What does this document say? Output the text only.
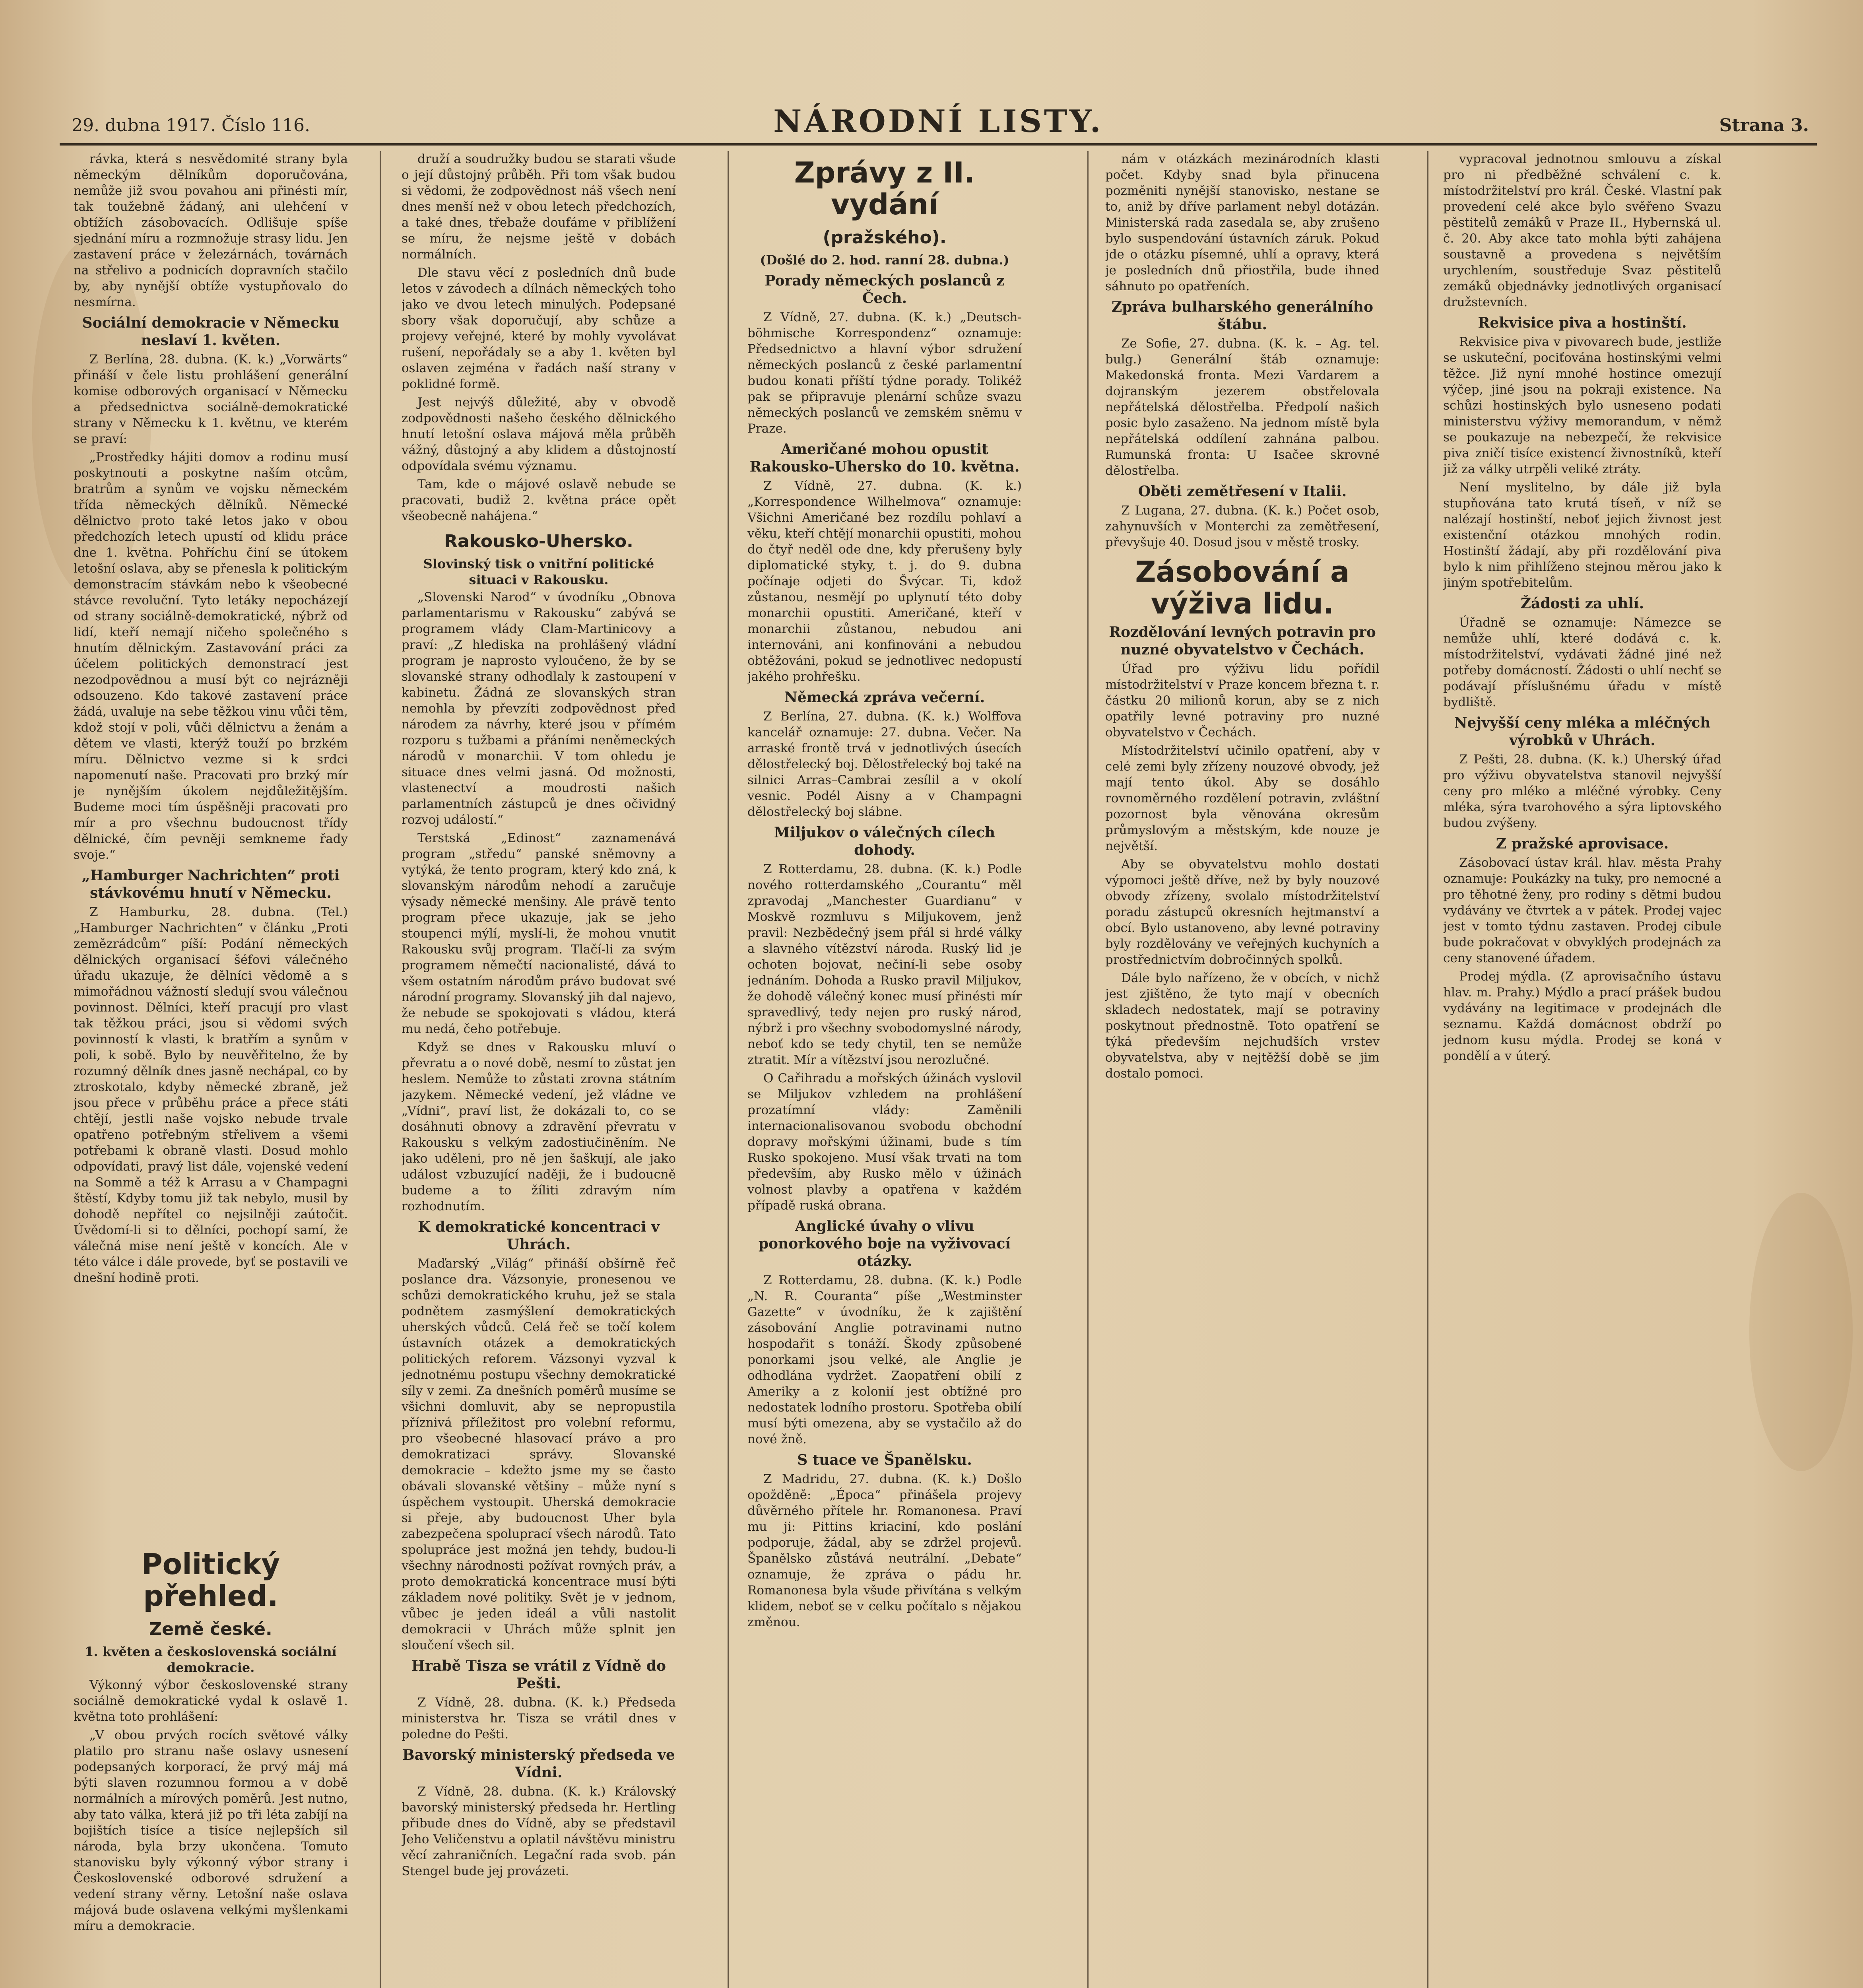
29. dubna 1917. Číslo 116.	NÁRODNÍ LISTY.	Strana 3.

rávka, která s nesvědomité strany byla německým dělníkům doporučována, nemůže již svou povahou ani přinésti mír, tak toužebně žádaný, ani ulehčení v obtížích zásobovacích. Odlišuje spíše sjednání míru a rozmnožuje strasy lidu. Jen zastavení práce v železárnách, továrnách na střelivo a podnicích dopravních stačilo by, aby nynější obtíže vystupňovalo do nesmírna.

Sociální demokracie v Německu neslaví 1. květen.

Z Berlína, 28. dubna. (K. k.) „Vorwärts“ přináší v čele listu prohlášení generální komise odborových organisací v Německu a předsednictva sociálně-demokratické strany v Německu k 1. květnu, ve kterém se praví:

„Prostředky hájiti domov a rodinu musí poskytnouti a poskytne naším otcům, bratrům a synům ve vojsku německém třída německých dělníků. Německé dělnictvo proto také letos jako v obou předchozích letech upustí od klidu práce dne 1. května. Pohříchu činí se útokem letošní oslava, aby se přenesla k politickým demonstracím stávkám nebo k všeobecné stávce revoluční. Tyto letáky nepocházejí od strany sociálně-demokratické, nýbrž od lidí, kteří nemají ničeho společného s hnutím dělnickým. Zastavování práci za účelem politických demonstrací jest nezodpovědnou a musí být co nejrázněji odsouzeno. Kdo takové zastavení práce žádá, uvaluje na sebe těžkou vinu vůči těm, kdož stojí v poli, vůči dělnictvu a ženám a dětem ve vlasti, kterýž touží po brzkém míru. Dělnictvo vezme si k srdci napomenutí naše. Pracovati pro brzký mír je nynějším úkolem nejdůležitějším. Budeme moci tím úspěšněji pracovati pro mír a pro všechnu budoucnost třídy dělnické, čím pevněji semkneme řady svoje.“

„Hamburger Nachrichten“ proti stávkovému hnutí v Německu.

Z Hamburku, 28. dubna. (Tel.) „Hamburger Nachrichten“ v článku „Proti zemězrádcům“ píší: Podání německých dělnických organisací šéfovi válečného úřadu ukazuje, že dělníci vědomě a s mimořádnou vážností sledují svou válečnou povinnost. Dělníci, kteří pracují pro vlast tak těžkou práci, jsou si vědomi svých povinností k vlasti, k bratřím a synům v poli, k sobě. Bylo by neuvěřitelno, že by rozumný dělník dnes jasně nechápal, co by ztroskotalo, kdyby německé zbraně, jež jsou přece v průběhu práce a přece státi chtějí, jestli naše vojsko nebude trvale opatřeno potřebným střelivem a všemi potřebami k obraně vlasti. Dosud mohlo odpovídati, pravý list dále, vojenské vedení na Sommě a též k Arrasu a v Champagni štěstí, Kdyby tomu již tak nebylo, musil by dohodě nepřítel co nejsilněji zaútočit. Úvědomí-li si to dělníci, pochopí samí, že válečná mise není ještě v koncích. Ale v této válce i dále provede, byť se postavili ve dnešní hodině proti.

Politický přehled.
Země české.
1. květen a československá sociální demokracie.

Výkonný výbor československé strany sociálně demokratické vydal k oslavě 1. května toto prohlášení:

„V obou prvých rocích světové války platilo pro stranu naše oslavy usnesení podepsaných korporací, že prvý máj má býti slaven rozumnou formou a v době normálních a mírových poměrů. Jest nutno, aby tato válka, která již po tři léta zabíjí na bojištích tisíce a tisíce nejlepších sil národa, byla brzy ukončena. Tomuto stanovisku byly výkonný výbor strany i Československé odborové sdružení a vedení strany věrny. Letošní naše oslava májová bude oslavena velkými myšlenkami míru a demokracie.

druží a soudružky budou se starati všude o její důstojný průběh. Při tom však budou si vědomi, že zodpovědnost náš všech není dnes menší než v obou letech předchozích, a také dnes, třebaže doufáme v přiblížení se míru, že nejsme ještě v dobách normálních.

Dle stavu věcí z posledních dnů bude letos v závodech a dílnách německých toho jako ve dvou letech minulých. Podepsané sbory však doporučují, aby schůze a projevy veřejné, které by mohly vyvolávat rušení, nepořádaly se a aby 1. květen byl oslaven zejména v řadách naší strany v poklidné formě.

Jest nejvýš důležité, aby v obvodě zodpovědnosti našeho českého dělnického hnutí letošní oslava májová měla průběh vážný, důstojný a aby klidem a důstojností odpovídala svému významu.

Tam, kde o májové oslavě nebude se pracovati, budiž 2. května práce opět všeobecně nahájena.“

Rakousko-Uhersko.
Slovinský tisk o vnitřní politické situaci v Rakousku.

„Slovenski Narod“ v úvodníku „Obnova parlamentarismu v Rakousku“ zabývá se programem vlády Clam-Martinicovy a praví: „Z hlediska na prohlášený vládní program je naprosto vyloučeno, že by se slovanské strany odhodlaly k zastoupení v kabinetu. Žádná ze slovanských stran nemohla by převzíti zodpovědnost před národem za návrhy, které jsou v přímém rozporu s tužbami a přáními neněmeckých národů v monarchii. V tom ohledu je situace dnes velmi jasná. Od možnosti, vlastenectví a moudrosti našich parlamentních zástupců je dnes očividný rozvoj událostí.“

Terstská „Edinost“ zaznamenává program „středu“ panské sněmovny a vytýká, že tento program, který kdo zná, k slovanským národům nehodí a zaručuje výsady německé menšiny. Ale právě tento program přece ukazuje, jak se jeho stoupenci mýlí, myslí-li, že mohou vnutit Rakousku svůj program. Tlačí-li za svým programem němečtí nacionalisté, dává to všem ostatním národům právo budovat své národní programy. Slovanský jih dal najevo, že nebude se spokojovati s vládou, která mu nedá, čeho potřebuje.

Když se dnes v Rakousku mluví o převratu a o nové době, nesmí to zůstat jen heslem. Nemůže to zůstati zrovna státním jazykem. Německé vedení, jež vládne ve „Vídni“, praví list, že dokázali to, co se dosáhnuti obnovy a zdravění převratu v Rakousku s velkým zadostiučiněním. Ne jako uděleni, pro ně jen šaškují, ale jako událost vzbuzující naději, že i budoucně budeme a to žíliti zdravým ním rozhodnutím.

K demokratické koncentraci v Uhrách.

Maďarský „Világ“ přináší obšírně řeč poslance dra. Vázsonyie, pronesenou ve schůzi demokratického kruhu, jež se stala podnětem zasmýšlení demokratických uherských vůdců. Celá řeč se točí kolem ústavních otázek a demokratických politických reforem. Vázsonyi vyzval k jednotnému postupu všechny demokratické síly v zemi. Za dnešních poměrů musíme se všichni domluvit, aby se nepropustila příznivá příležitost pro volební reformu, pro všeobecné hlasovací právo a pro demokratizaci správy. Slovanské demokracie – kdežto jsme my se často obávali slovanské většiny – může nyní s úspěchem vystoupit. Uherská demokracie si přeje, aby budoucnost Uher byla zabezpečena spoluprací všech národů. Tato spolupráce jest možná jen tehdy, budou-li všechny národnosti požívat rovných práv, a proto demokratická koncentrace musí býti základem nové politiky. Svět je v jednom, vůbec je jeden ideál a vůli nastolit demokracii v Uhrách může splnit jen sloučení všech sil.

Hrabě Tisza se vrátil z Vídně do Pešti.

Z Vídně, 28. dubna. (K. k.) Předseda ministerstva hr. Tisza se vrátil dnes v poledne do Pešti.

Bavorský ministerský předseda ve Vídni.

Z Vídně, 28. dubna. (K. k.) Královský bavorský ministerský předseda hr. Hertling přibude dnes do Vídně, aby se představil Jeho Veličenstvu a oplatil návštěvu ministru věcí zahraničních. Legační rada svob. pán Stengel bude jej provázeti.

Zprávy z II. vydání
(pražského).
(Došlé do 2. hod. ranní 28. dubna.)
Porady německých poslanců z Čech.

Z Vídně, 27. dubna. (K. k.) „Deutsch-böhmische Korrespondenz“ oznamuje: Předsednictvo a hlavní výbor sdružení německých poslanců z české parlamentní budou konati příští týdne porady. Tolikéž pak se připravuje plenární schůze svazu německých poslanců ve zemském sněmu v Praze.

Američané mohou opustit Rakousko-Uhersko do 10. května.

Z Vídně, 27. dubna. (K. k.) „Korrespondence Wilhelmova“ oznamuje: Všichni Američané bez rozdílu pohlaví a věku, kteří chtějí monarchii opustiti, mohou do čtyř neděl ode dne, kdy přerušeny byly diplomatické styky, t. j. do 9. dubna počínaje odjeti do Švýcar. Ti, kdož zůstanou, nesmějí po uplynutí této doby monarchii opustiti. Američané, kteří v monarchii zůstanou, nebudou ani internováni, ani konfinováni a nebudou obtěžováni, pokud se jednotlivec nedopustí jakého prohřešku.

Německá zpráva večerní.

Z Berlína, 27. dubna. (K. k.) Wolffova kancelář oznamuje: 27. dubna. Večer. Na arraské frontě trvá v jednotlivých úsecích dělostřelecký boj. Dělostřelecký boj také na silnici Arras–Cambrai zesílil a v okolí vesnic. Podél Aisny a v Champagni dělostřelecký boj slábne.

Miljukov o válečných cílech dohody.

Z Rotterdamu, 28. dubna. (K. k.) Podle nového rotterdamského „Courantu“ měl zpravodaj „Manchester Guardianu“ v Moskvě rozmluvu s Miljukovem, jenž pravil: Nezbědečný jsem přál si hrdé války a slavného vítězství národa. Ruský lid je ochoten bojovat, nečiní-li sebe osoby jednáním. Dohoda a Rusko pravil Miljukov, že dohodě válečný konec musí přinésti mír spravedlivý, tedy nejen pro ruský národ, nýbrž i pro všechny svobodomyslné národy, neboť kdo se tedy chytil, ten se nemůže ztratit. Mír a vítězství jsou nerozlučné.

O Cařihradu a mořských úžinách vyslovil se Miljukov vzhledem na prohlášení prozatímní vlády: Zaměnili internacionalisovanou svobodu obchodní dopravy mořskými úžinami, bude s tím Rusko spokojeno. Musí však trvati na tom především, aby Rusko mělo v úžinách volnost plavby a opatřena v každém případě ruská obrana.

Anglické úvahy o vlivu ponorkového boje na vyživovací otázky.

Z Rotterdamu, 28. dubna. (K. k.) Podle „N. R. Couranta“ píše „Westminster Gazette“ v úvodníku, že k zajištění zásobování Anglie potravinami nutno hospodařit s tonáží. Škody způsobené ponorkami jsou velké, ale Anglie je odhodlána vydržet. Zaopatření obilí z Ameriky a z kolonií jest obtížné pro nedostatek lodního prostoru. Spotřeba obilí musí býti omezena, aby se vystačilo až do nové žně.

S tuace ve Španělsku.

Z Madridu, 27. dubna. (K. k.) Došlo opožděně: „Época“ přinášela projevy důvěrného přítele hr. Romanonesa. Praví mu ji: Pittins kriaciní, kdo poslání podporuje, žádal, aby se zdržel projevů. Španělsko zůstává neutrální. „Debate“ oznamuje, že zpráva o pádu hr. Romanonesa byla všude přivítána s velkým klidem, neboť se v celku počítalo s nějakou změnou.

nám v otázkách mezinárodních klasti počet. Kdyby snad byla přinucena pozměniti nynější stanovisko, nestane se to, aniž by dříve parlament nebyl dotázán. Ministerská rada zasedala se, aby zrušeno bylo suspendování ústavních záruk. Pokud jde o otázku písemné, uhlí a opravy, která je posledních dnů přiostřila, bude ihned sáhnuto po opatřeních.

Zpráva bulharského generálního štábu.

Ze Sofie, 27. dubna. (K. k. – Ag. tel. bulg.) Generální štáb oznamuje: Makedonská fronta. Mezi Vardarem a dojranským jezerem obstřelovala nepřátelská dělostřelba. Předpolí našich posic bylo zasaženo. Na jednom místě byla nepřátelská oddílení zahnána palbou. Rumunská fronta: U Isačee skrovné dělostřelba.

Oběti zemětřesení v Italii.

Z Lugana, 27. dubna. (K. k.) Počet osob, zahynuvších v Monterchi za zemětřesení, převyšuje 40. Dosud jsou v městě trosky.

Zásobování a výživa lidu.
Rozdělování levných potravin pro nuzné obyvatelstvo v Čechách.

Úřad pro výživu lidu pořídil místodržitelství v Praze koncem března t. r. částku 20 milionů korun, aby se z nich opatřily levné potraviny pro nuzné obyvatelstvo v Čechách.

Místodržitelství učinilo opatření, aby v celé zemi byly zřízeny nouzové obvody, jež mají tento úkol. Aby se dosáhlo rovnoměrného rozdělení potravin, zvláštní pozornost byla věnována okresům průmyslovým a městským, kde nouze je největší.

Aby se obyvatelstvu mohlo dostati výpomoci ještě dříve, než by byly nouzové obvody zřízeny, svolalo místodržitelství poradu zástupců okresních hejtmanství a obcí. Bylo ustanoveno, aby levné potraviny byly rozdělovány ve veřejných kuchyních a prostřednictvím dobročinných spolků.

Dále bylo nařízeno, že v obcích, v nichž jest zjištěno, že tyto mají v obecních skladech nedostatek, mají se potraviny poskytnout přednostně. Toto opatření se týká především nejchudších vrstev obyvatelstva, aby v nejtěžší době se jim dostalo pomoci.

vypracoval jednotnou smlouvu a získal pro ni předběžné schválení c. k. místodržitelství pro král. České. Vlastní pak provedení celé akce bylo svěřeno Svazu pěstitelů zemáků v Praze II., Hybernská ul. č. 20. Aby akce tato mohla býti zahájena soustavně a provedena s největším urychlením, soustředuje Svaz pěstitelů zemáků objednávky jednotlivých organisací družstevních.

Rekvisice piva a hostinští.

Rekvisice piva v pivovarech bude, jestliže se uskuteční, pociťována hostinskými velmi těžce. Již nyní mnohé hostince omezují výčep, jiné jsou na pokraji existence. Na schůzi hostinských bylo usneseno podati ministerstvu výživy memorandum, v němž se poukazuje na nebezpečí, že rekvisice piva zničí tisíce existencí živnostníků, kteří již za války utrpěli veliké ztráty.

Není myslitelno, by dále již byla stupňována tato krutá tíseň, v níž se nalézají hostinští, neboť jejich živnost jest existenční otázkou mnohých rodin. Hostinští žádají, aby při rozdělování piva bylo k nim přihlíženo stejnou měrou jako k jiným spotřebitelům.

Žádosti za uhlí.

Úřadně se oznamuje: Námezce se nemůže uhlí, které dodává c. k. místodržitelství, vydávati žádné jiné než potřeby domácností. Žádosti o uhlí nechť se podávají příslušnému úřadu v místě bydliště.

Nejvyšší ceny mléka a mléčných výrobků v Uhrách.

Z Pešti, 28. dubna. (K. k.) Uherský úřad pro výživu obyvatelstva stanovil nejvyšší ceny pro mléko a mléčné výrobky. Ceny mléka, sýra tvarohového a sýra liptovského budou zvýšeny.

Z pražské aprovisace.

Zásobovací ústav král. hlav. města Prahy oznamuje: Poukázky na tuky, pro nemocné a pro těhotné ženy, pro rodiny s dětmi budou vydávány ve čtvrtek a v pátek. Prodej vajec jest v tomto týdnu zastaven. Prodej cibule bude pokračovat v obvyklých prodejnách za ceny stanovené úřadem.

Prodej mýdla. (Z aprovisačního ústavu hlav. m. Prahy.) Mýdlo a prací prášek budou vydávány na legitimace v prodejnách dle seznamu. Každá domácnost obdrží po jednom kusu mýdla. Prodej se koná v pondělí a v úterý.
